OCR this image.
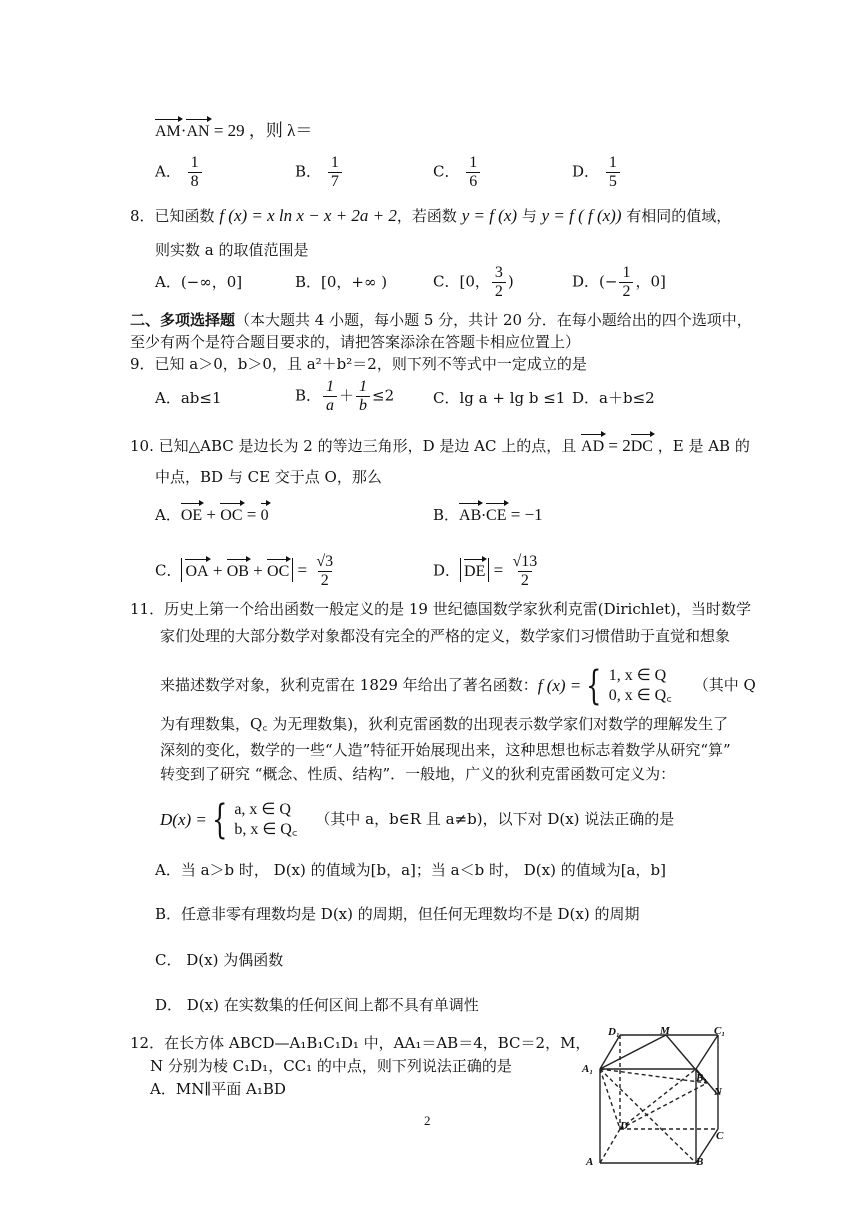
AM·AN = 29 ，则 λ＝
A． $\frac{1}{8}$	B． $\frac{1}{7}$	C． $\frac{1}{6}$	D． $\frac{1}{5}$
8．已知函数 f (x) = x ln x − x + 2a + 2，若函数 y = f (x) 与 y = f ( f (x)) 有相同的值域，
则实数 a 的取值范围是
A．(−∞，0]	B．[0，+∞ )	C．[0， $\frac{3}{2}$ )	D．(− $\frac{1}{2}$ ，0]
二、多项选择题（本大题共 4 小题，每小题 5 分，共计 20 分．在每小题给出的四个选项中，
至少有两个是符合题目要求的，请把答案添涂在答题卡相应位置上）
9．已知 a＞0，b＞0，且 a²＋b²＝2，则下列不等式中一定成立的是
A．ab≤1	B． $\frac{1}{a} + \frac{1}{b} \le 2$	C．lg a + lg b ≤1 D．a＋b≤2
10. 已知△ABC 是边长为 2 的等边三角形，D 是边 AC 上的点，且 AD = 2DC ，E 是 AB 的
中点，BD 与 CE 交于点 O，那么
A．OE + OC = 0	B．AB·CE = −1
C． OA + OB + OC = $\frac{√3}{2}$	D． DE = $\frac{√13}{2}$
11．历史上第一个给出函数一般定义的是 19 世纪德国数学家狄利克雷(Dirichlet)，当时数学
家们处理的大部分数学对象都没有完全的严格的定义，数学家们习惯借助于直觉和想象
来描述数学对象，狄利克雷在 1829 年给出了著名函数： f (x) = { 1, x ∈ Q
0, x ∈ Q꜀
（其中 Q
为有理数集，Q꜀ 为无理数集)，狄利克雷函数的出现表示数学家们对数学的理解发生了
深刻的变化，数学的一些“人造”特征开始展现出来，这种思想也标志着数学从研究“算”
转变到了研究 “概念、性质、结构”．一般地，广义的狄利克雷函数可定义为：
D(x) = { a, x ∈ Q
b, x ∈ Q꜀
（其中 a，b∈R 且 a≠b)，以下对 D(x) 说法正确的是
A．当 a＞b 时， D(x) 的值域为[b，a]；当 a＜b 时， D(x) 的值域为[a，b]
B．任意非零有理数均是 D(x) 的周期，但任何无理数均不是 D(x) 的周期
C． D(x) 为偶函数
D． D(x) 在实数集的任何区间上都不具有单调性
12．在长方体 ABCD—A₁B₁C₁D₁ 中，AA₁＝AB＝4，BC＝2，M，
N 分别为棱 C₁D₁，CC₁ 的中点，则下列说法正确的是
A．MN∥平面 A₁BD
D₁	M	C₁
A₁
B₁
N
D
C
A	B
2
